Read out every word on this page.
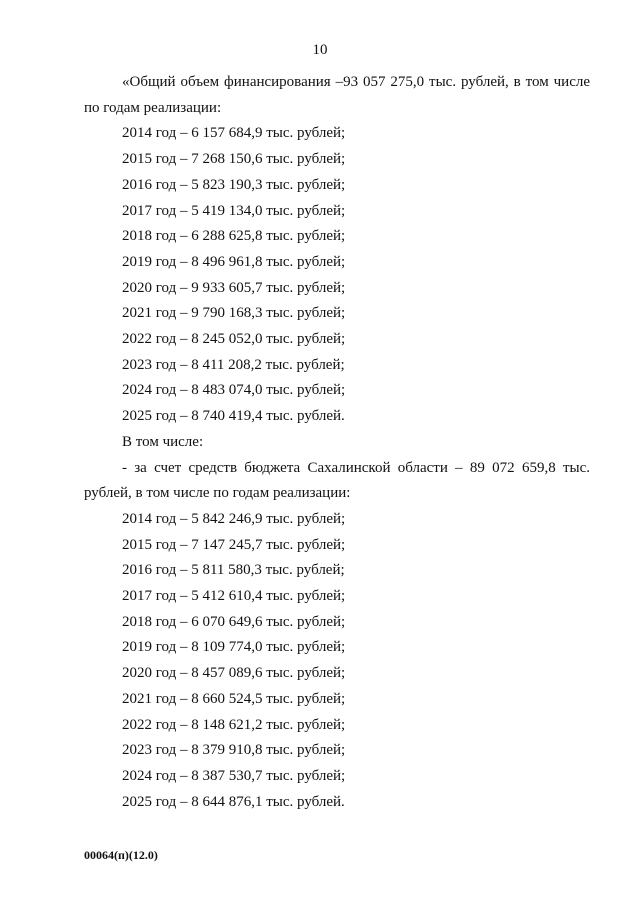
10

«Общий объем финансирования –93 057 275,0 тыс. рублей, в том числе по годам реализации:

2014 год – 6 157 684,9 тыс. рублей;
2015 год – 7 268 150,6 тыс. рублей;
2016 год – 5 823 190,3 тыс. рублей;
2017 год – 5 419 134,0 тыс. рублей;
2018 год – 6 288 625,8 тыс. рублей;
2019 год – 8 496 961,8 тыс. рублей;
2020 год – 9 933 605,7 тыс. рублей;
2021 год – 9 790 168,3 тыс. рублей;
2022 год – 8 245 052,0 тыс. рублей;
2023 год – 8 411 208,2 тыс. рублей;
2024 год – 8 483 074,0 тыс. рублей;
2025 год – 8 740 419,4 тыс. рублей.

В том числе:

- за счет средств бюджета Сахалинской области – 89 072 659,8 тыс. рублей, в том числе по годам реализации:

2014 год – 5 842 246,9 тыс. рублей;
2015 год – 7 147 245,7 тыс. рублей;
2016 год – 5 811 580,3 тыс. рублей;
2017 год – 5 412 610,4 тыс. рублей;
2018 год – 6 070 649,6 тыс. рублей;
2019 год – 8 109 774,0 тыс. рублей;
2020 год – 8 457 089,6 тыс. рублей;
2021 год – 8 660 524,5 тыс. рублей;
2022 год – 8 148 621,2 тыс. рублей;
2023 год – 8 379 910,8 тыс. рублей;
2024 год – 8 387 530,7 тыс. рублей;
2025 год – 8 644 876,1 тыс. рублей.
00064(п)(12.0)
